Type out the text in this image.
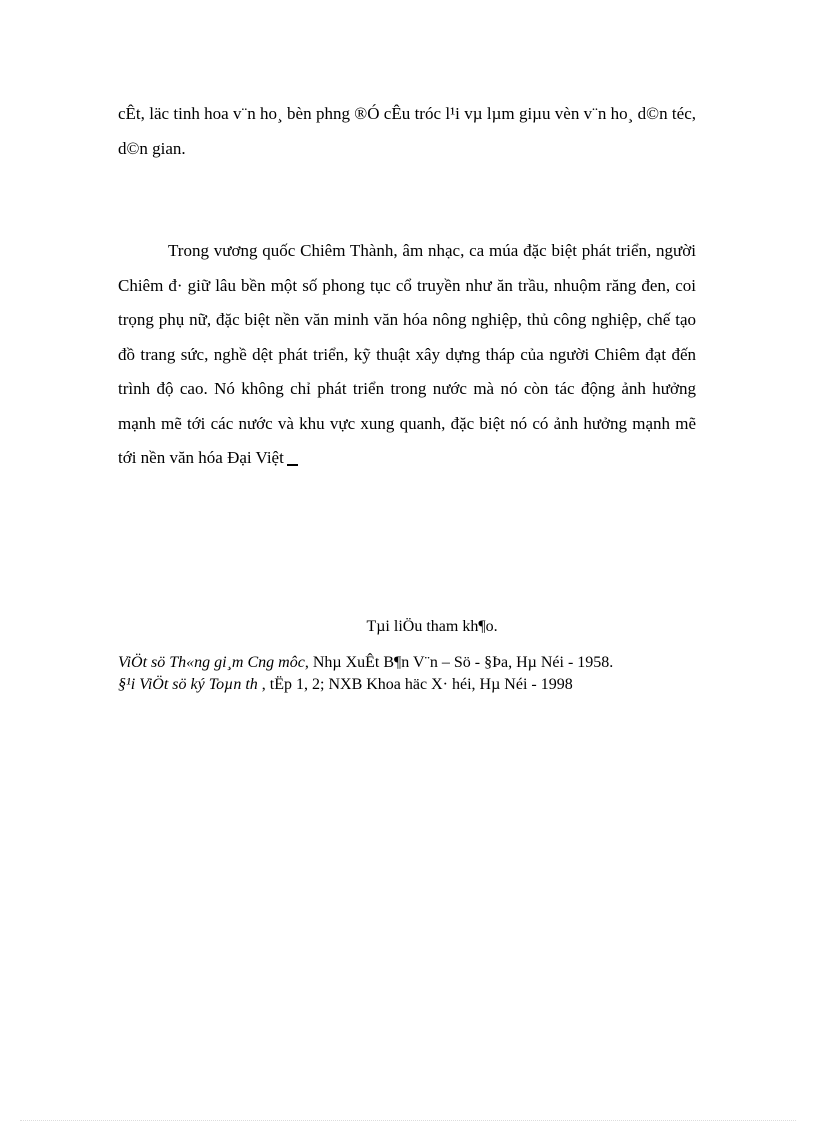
cÊt, läc tinh hoa v¨n ho¸ bèn phng ®Ó cÊu tróc l¹i vµ lµm giµu vèn v¨n ho¸ d©n téc, d©n gian.

Trong vương quốc Chiêm Thành, âm nhạc, ca múa đặc biệt phát triển, người Chiêm đ· giữ lâu bền một số phong tục cổ truyền như ăn trầu, nhuộm răng đen, coi trọng phụ nữ, đặc biệt nền văn minh văn hóa nông nghiệp, thủ công nghiệp, chế tạo đồ trang sức, nghề dệt phát triển, kỹ thuật xây dựng tháp của người Chiêm đạt đến trình độ cao. Nó không chỉ phát triển trong nước mà nó còn tác động ảnh hưởng mạnh mẽ tới các nước và khu vực xung quanh, đặc biệt nó có ảnh hưởng mạnh mẽ tới nền văn hóa Đại Việt

Tµi liÖu tham kh¶o.

ViÖt sö Th«ng gi¸m Cng môc, Nhµ XuÊt B¶n V¨n – Sö - §Þa, Hµ Néi - 1958.

§¹i ViÖt sö ký Toµn th , tËp 1, 2; NXB Khoa häc X· héi, Hµ Néi - 1998
